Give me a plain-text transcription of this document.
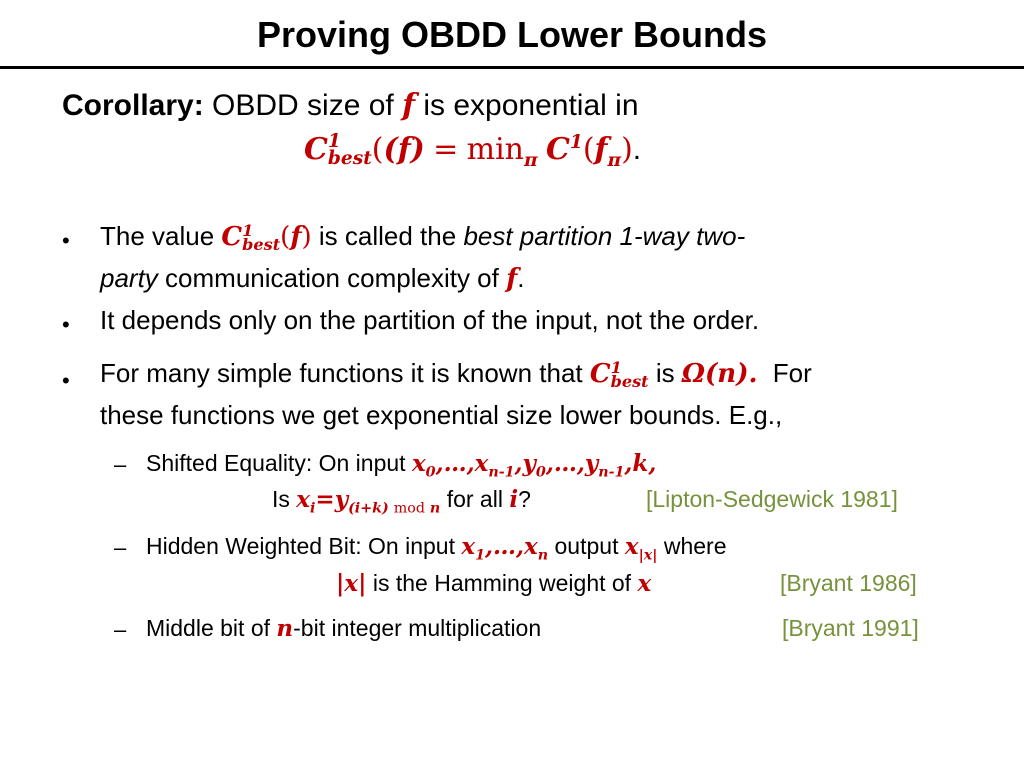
Proving OBDD Lower Bounds
Corollary: OBDD size of f is exponential in
C 1
best ($(f) = \min_\pi C^1(f_\pi)$.
• The value C 1
best (f) is called the best partition 1-way two-
party communication complexity of f.
• It depends only on the partition of the input, not the order.
• For many simple functions it is known that C 1
best is Ω(n). For
these functions we get exponential size lower bounds. E.g.,
– Shifted Equality: On input $x_0,\dots,x_{n-1},y_0,\dots,y_{n-1},k$,
Is $x_i=y_{(i+k) mod n}$ for all i?	[Lipton-Sedgewick 1981]
– Hidden Weighted Bit: On input $x_1,\dots,x_n$ output $x_{|x|}$ where
|x| is the Hamming weight of x	[Bryant 1986]
– Middle bit of n-bit integer multiplication	[Bryant 1991]
